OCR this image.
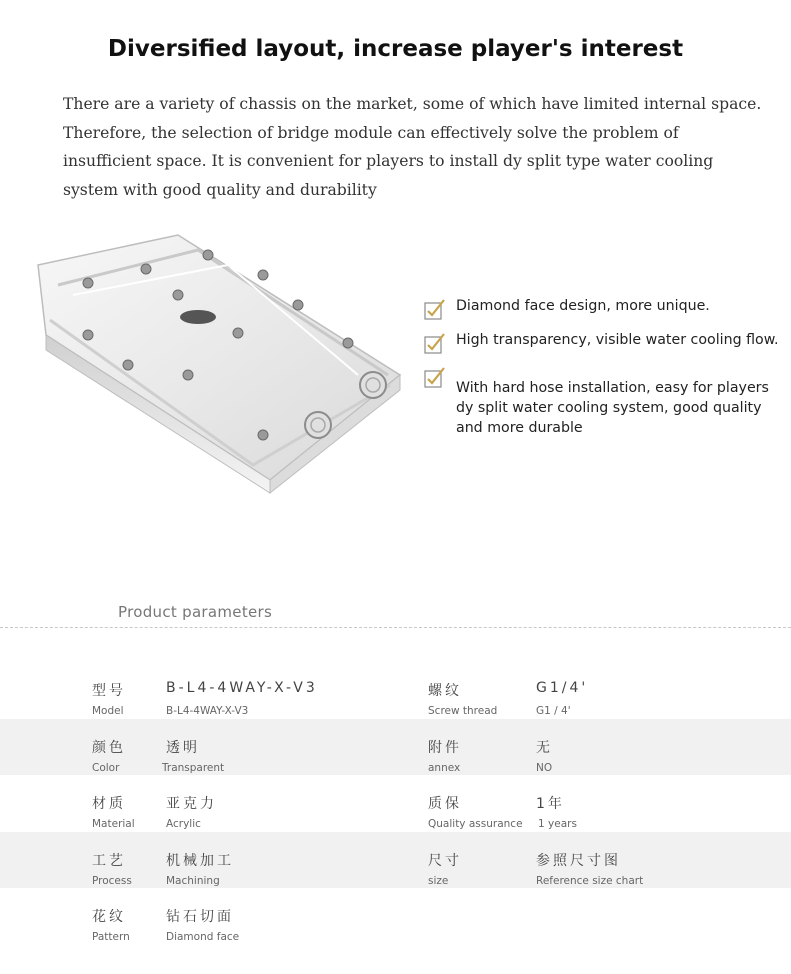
Diversified layout, increase player's interest
There are a variety of chassis on the market, some of which have limited internal space. Therefore, the selection of bridge module can effectively solve the problem of insufficient space. It is convenient for players to install dy split type water cooling system with good quality and durability
Diamond face design, more unique.
High transparency, visible water cooling flow.
With hard hose installation, easy for players
dy split water cooling system, good quality
and more durable
Product parameters
型号
Model
B-L4-4WAY-X-V3
B-L4-4WAY-X-V3
螺纹
Screw thread
G1/4'
G1 / 4'
颜色
Color
透明
Transparent
附件
annex
无
NO
材质
Material
亚克力
Acrylic
质保
Quality assurance
1年
1 years
工艺
Process
机械加工
Machining
尺寸
size
参照尺寸图
Reference size chart
花纹
Pattern
钻石切面
Diamond face
